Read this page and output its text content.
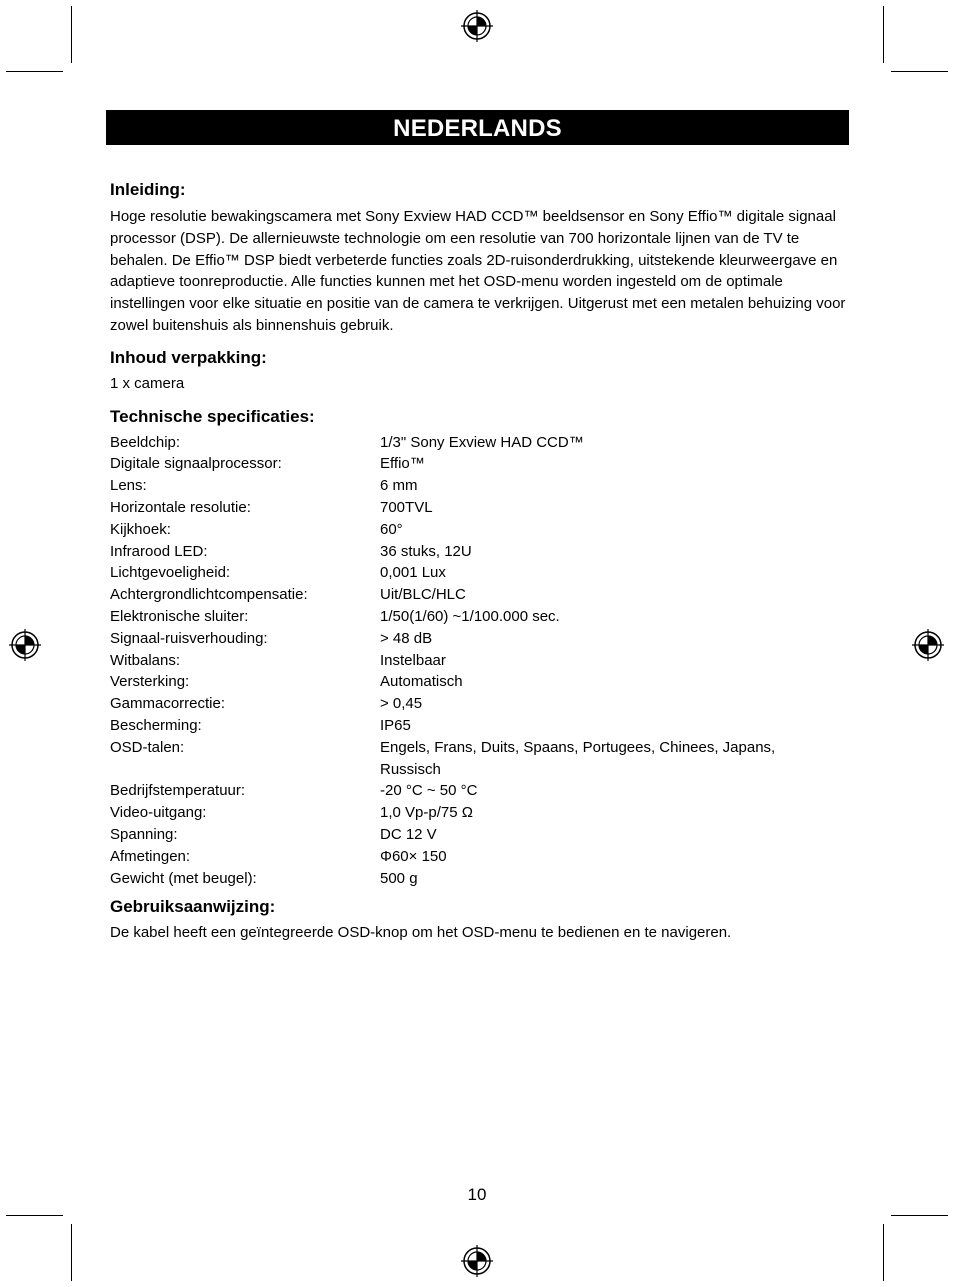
NEDERLANDS
Inleiding:

Hoge resolutie bewakingscamera met Sony Exview HAD CCD™ beeldsensor en Sony Effio™ digitale signaal processor (DSP). De allernieuwste technologie om een resolutie van 700 horizontale lijnen van de TV te behalen. De Effio™ DSP biedt verbeterde functies zoals 2D-ruisonderdrukking, uitstekende kleurweergave en adaptieve toonreproductie. Alle functies kunnen met het OSD-menu worden ingesteld om de optimale instellingen voor elke situatie en positie van de camera te verkrijgen. Uitgerust met een metalen behuizing voor zowel buitenshuis als binnenshuis gebruik.

Inhoud verpakking:

1 x camera

Technische specificaties:
Beeldchip:	1/3" Sony Exview HAD CCD™
Digitale signaalprocessor:	Effio™
Lens:	6 mm
Horizontale resolutie:	700TVL
Kijkhoek:	60°
Infrarood LED:	36 stuks, 12U
Lichtgevoeligheid:	0,001 Lux
Achtergrondlichtcompensatie:	Uit/BLC/HLC
Elektronische sluiter:	1/50(1/60) ~1/100.000 sec.
Signaal-ruisverhouding:	> 48 dB
Witbalans:	Instelbaar
Versterking:	Automatisch
Gammacorrectie:	> 0,45
Bescherming:	IP65
OSD-talen:	Engels, Frans, Duits, Spaans, Portugees, Chinees, Japans, Russisch
Bedrijfstemperatuur:	-20 °C ~ 50 °C
Video-uitgang:	1,0 Vp-p/75 Ω
Spanning:	DC 12 V
Afmetingen:	Φ60× 150
Gewicht (met beugel):	500 g
Gebruiksaanwijzing:

De kabel heeft een geïntegreerde OSD-knop om het OSD-menu te bedienen en te navigeren.

10
